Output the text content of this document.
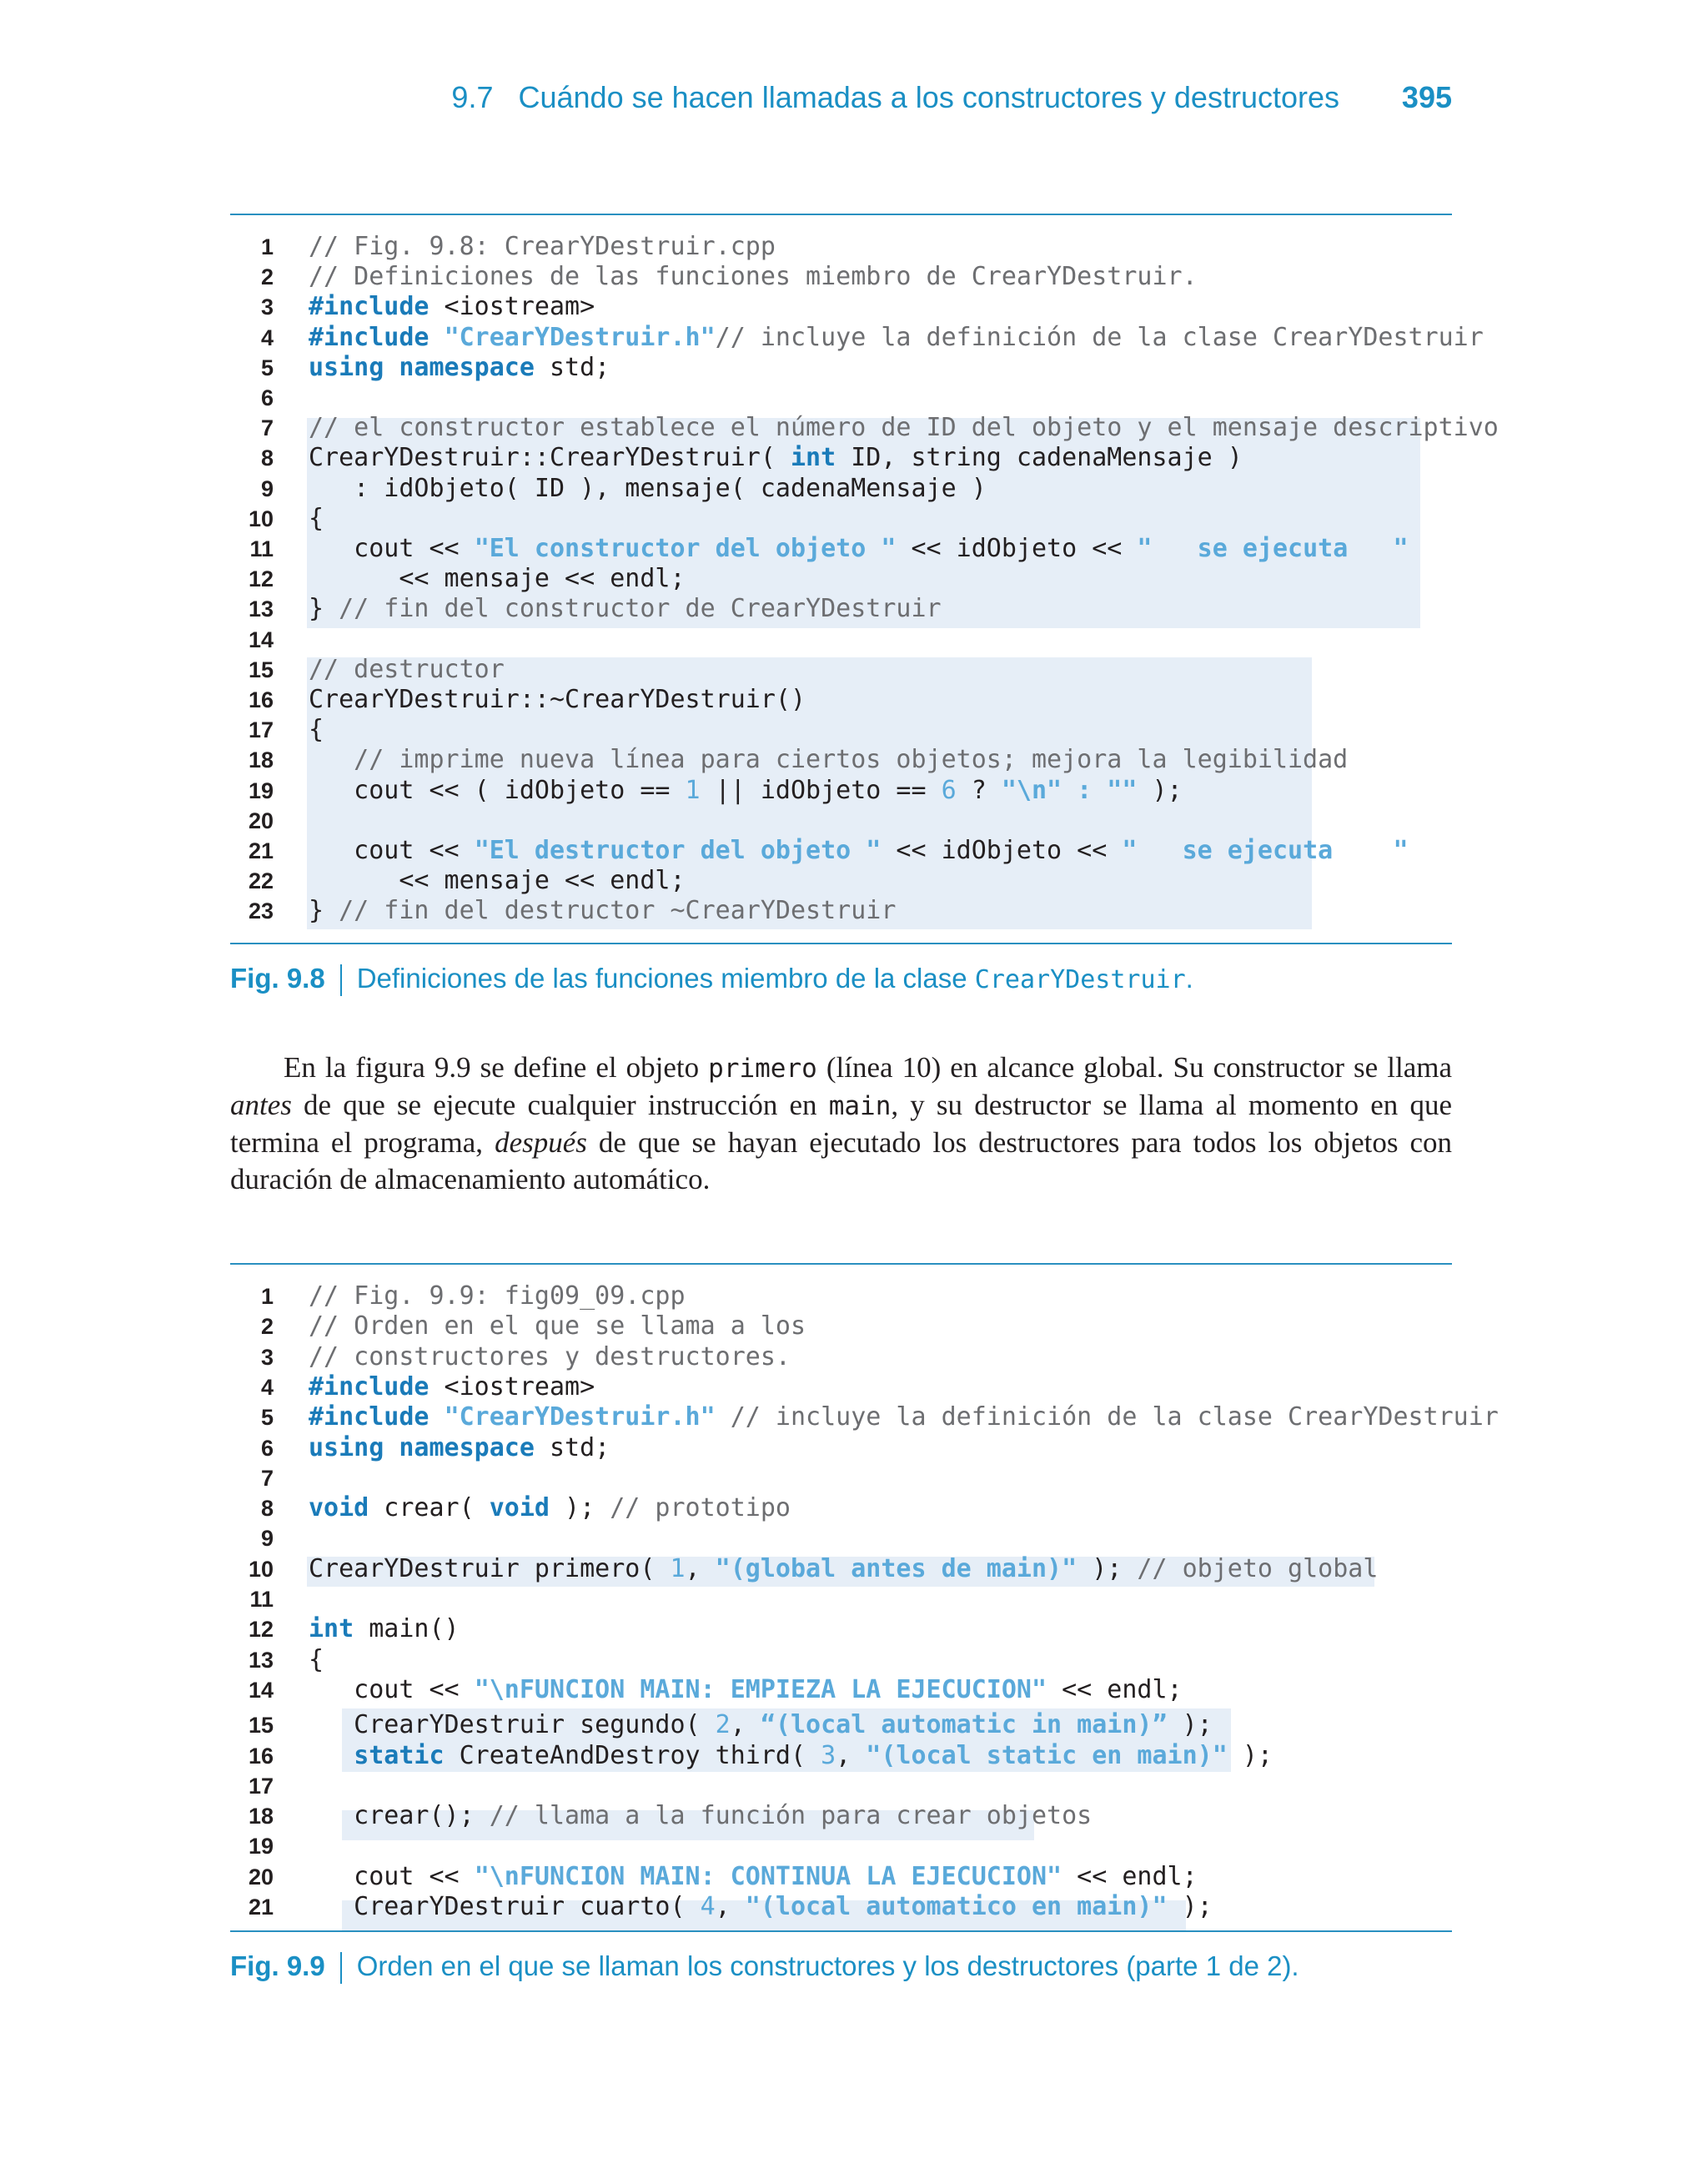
9.7 Cuándo se hacen llamadas a los constructores y destructores 395
1 // Fig. 9.8: CrearYDestruir.cpp
2 // Definiciones de las funciones miembro de CrearYDestruir.
3 #include <iostream>
4 #include "CrearYDestruir.h"// incluye la definición de la clase CrearYDestruir
5 using namespace std;
6
7 // el constructor establece el número de ID del objeto y el mensaje descriptivo
8 CrearYDestruir::CrearYDestruir( int ID, string cadenaMensaje )
9 : idObjeto( ID ), mensaje( cadenaMensaje )
10 {
11 cout << "El constructor del objeto " << idObjeto << "   se ejecuta   "
12 << mensaje << endl;
13 } // fin del constructor de CrearYDestruir
14
15 // destructor
16 CrearYDestruir::~CrearYDestruir()
17 {
18 // imprime nueva línea para ciertos objetos; mejora la legibilidad
19 cout << ( idObjeto == 1 || idObjeto == 6 ? "\n" : "" );
20
21 cout << "El destructor del objeto " << idObjeto << "   se ejecuta    "
22 << mensaje << endl;
23 } // fin del destructor ~CrearYDestruir
Fig. 9.8 Definiciones de las funciones miembro de la clase CrearYDestruir.
En la figura 9.9 se define el objeto primero (línea 10) en alcance global. Su constructor se llama antes de que se ejecute cualquier instrucción en main, y su destructor se llama al momento en que termina el programa, después de que se hayan ejecutado los destructores para todos los objetos con duración de almacenamiento automático.
1 // Fig. 9.9: fig09_09.cpp
2 // Orden en el que se llama a los
3 // constructores y destructores.
4 #include <iostream>
5 #include "CrearYDestruir.h" // incluye la definición de la clase CrearYDestruir
6 using namespace std;
7
8 void crear( void ); // prototipo
9
10 CrearYDestruir primero( 1, "(global antes de main)" ); // objeto global
11
12 int main()
13 {
14 cout << "\nFUNCION MAIN: EMPIEZA LA EJECUCION" << endl;
15 CrearYDestruir segundo( 2, “(local automatic in main)” );
16	static CreateAndDestroy third( 3, "(local static en main)" );
17
18 crear(); // llama a la función para crear objetos
19
20 cout << "\nFUNCION MAIN: CONTINUA LA EJECUCION" << endl;
21 CrearYDestruir cuarto( 4, "(local automatico en main)" );
Fig. 9.9 Orden en el que se llaman los constructores y los destructores (parte 1 de 2).
